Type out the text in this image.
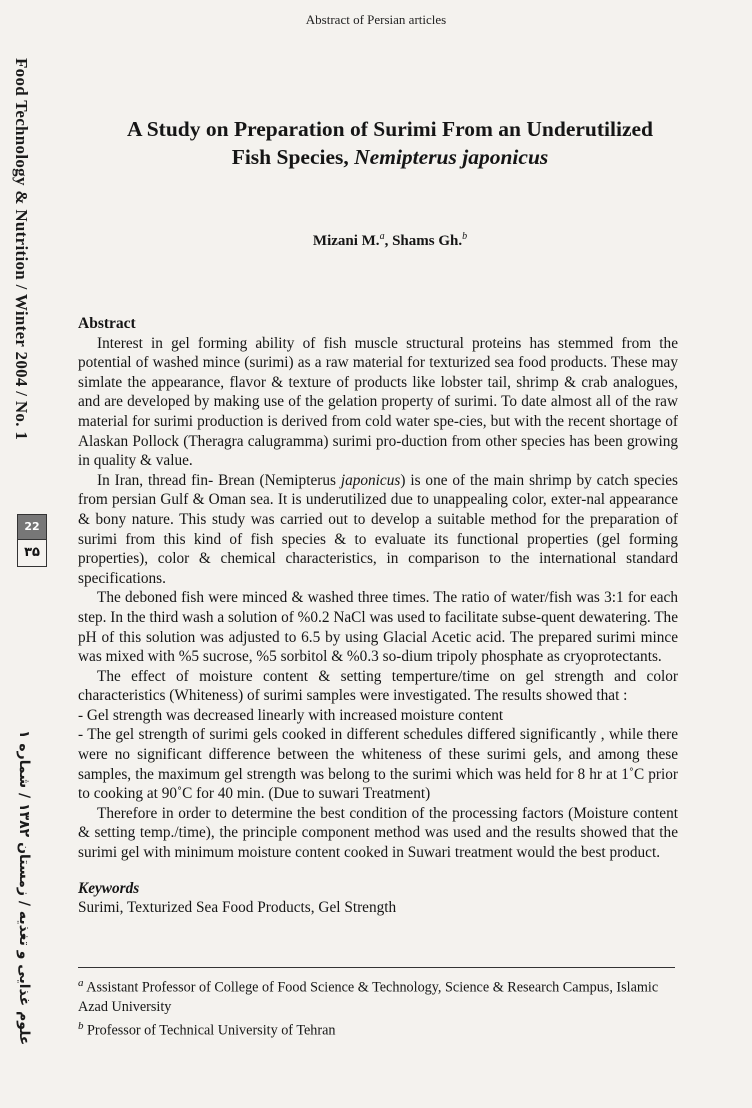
Abstract of Persian articles
Food Technology & Nutrition / Winter 2004 / No. 1
22
۳۵
علوم غذایی و تغذیه / زمستان ۱۳۸۲ / شماره ۱
A Study on Preparation of Surimi From an Underutilized
Fish Species, Nemipterus japonicus
Mizani M.$^a$, Shams Gh.$^b$
Abstract

Interest in gel forming ability of fish muscle structural proteins has stemmed from the potential of washed mince (surimi) as a raw material for texturized sea food products. These may simlate the appearance, flavor & texture of products like lobster tail, shrimp & crab analogues, and are developed by making use of the gelation property of surimi. To date almost all of the raw material for surimi production is derived from cold water spe-cies, but with the recent shortage of Alaskan Pollock (Theragra calugramma) surimi pro-duction from other species has been growing in quality & value.

In Iran, thread fin- Brean (Nemipterus japonicus) is one of the main shrimp by catch species from persian Gulf & Oman sea. It is underutilized due to unappealing color, exter-nal appearance & bony nature. This study was carried out to develop a suitable method for the preparation of surimi from this kind of fish species & to evaluate its functional properties (gel forming properties), color & chemical characteristics, in comparison to the international standard specifications.

The deboned fish were minced & washed three times. The ratio of water/fish was 3:1 for each step. In the third wash a solution of %0.2 NaCl was used to facilitate subse-quent dewatering. The pH of this solution was adjusted to 6.5 by using Glacial Acetic acid. The prepared surimi mince was mixed with %5 sucrose, %5 sorbitol & %0.3 so-dium tripoly phosphate as cryoprotectants.

The effect of moisture content & setting temperture/time on gel strength and color characteristics (Whiteness) of surimi samples were investigated. The results showed that :

- Gel strength was decreased linearly with increased moisture content

- The gel strength of surimi gels cooked in different schedules differed significantly , while there were no significant difference between the whiteness of these surimi gels, and among these samples, the maximum gel strength was belong to the surimi which was held for 8 hr at 1˚C prior to cooking at 90˚C for 40 min. (Due to suwari Treatment)

Therefore in order to determine the best condition of the processing factors (Moisture content & setting temp./time), the principle component method was used and the results showed that the surimi gel with minimum moisture content cooked in Suwari treatment would the best product.

Keywords
Surimi, Texturized Sea Food Products, Gel Strength

$^a$ Assistant Professor of College of Food Science & Technology, Science & Research Campus, Islamic Azad University

$^b$ Professor of Technical University of Tehran
